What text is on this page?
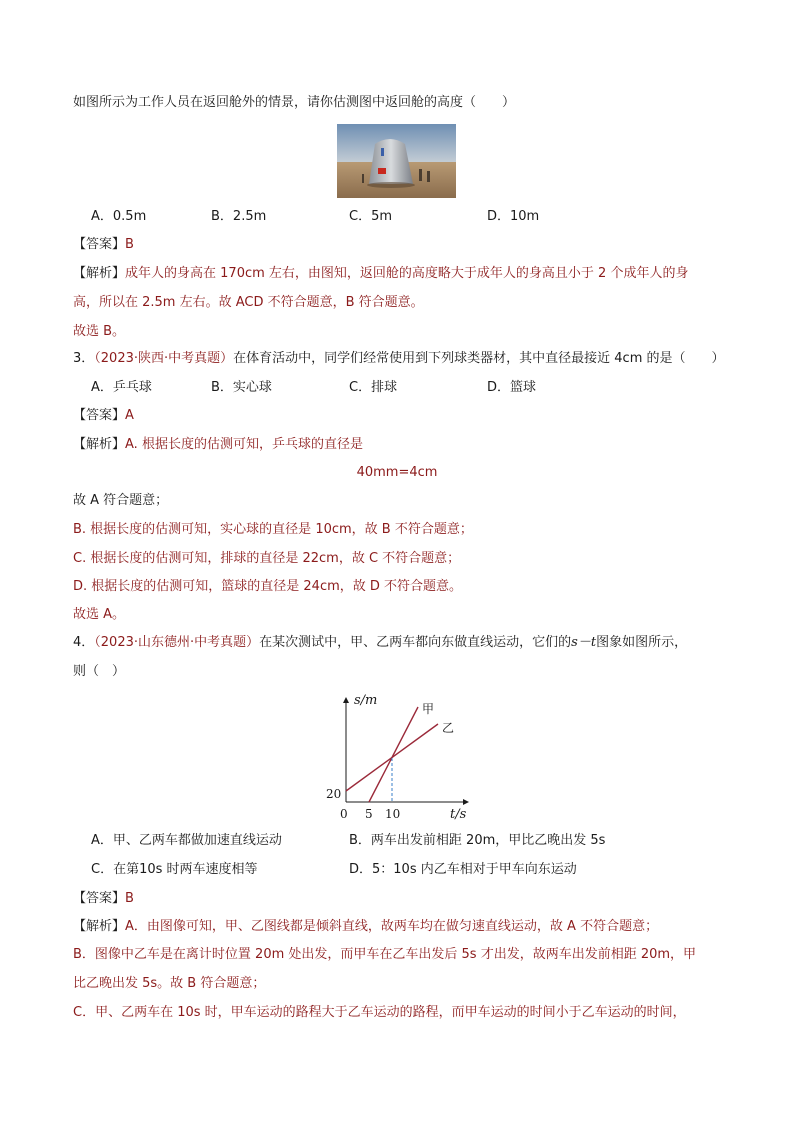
如图所示为工作人员在返回舱外的情景，请你估测图中返回舱的高度（　　）
A．0.5m	B．2.5m	C．5m	D．10m
【答案】B
【解析】成年人的身高在 170cm 左右，由图知，返回舱的高度略大于成年人的身高且小于 2 个成年人的身
高，所以在 2.5m 左右。故 ACD 不符合题意，B 符合题意。
故选 B。
3．（2023·陕西·中考真题）在体育活动中，同学们经常使用到下列球类器材，其中直径最接近 4cm 的是（　　）
A．乒乓球	B．实心球	C．排球	D．篮球
【答案】A
【解析】A. 根据长度的估测可知，乒乓球的直径是
40mm=4cm
故 A 符合题意；
B. 根据长度的估测可知，实心球的直径是 10cm，故 B 不符合题意；
C. 根据长度的估测可知，排球的直径是 22cm，故 C 不符合题意；
D. 根据长度的估测可知，篮球的直径是 24cm，故 D 不符合题意。
故选 A。
4．（2023·山东德州·中考真题）在某次测试中，甲、乙两车都向东做直线运动，它们的s－t图象如图所示，
则（　）
s/m
t/s
0 5 10
20
甲
乙
A．甲、乙两车都做加速直线运动	B．两车出发前相距 20m，甲比乙晚出发 5s
C．在第10s 时两车速度相等	D．5：10s 内乙车相对于甲车向东运动
【答案】B
【解析】A．由图像可知，甲、乙图线都是倾斜直线，故两车均在做匀速直线运动，故 A 不符合题意；
B．图像中乙车是在离计时位置 20m 处出发，而甲车在乙车出发后 5s 才出发，故两车出发前相距 20m，甲
比乙晚出发 5s。故 B 符合题意；
C．甲、乙两车在 10s 时，甲车运动的路程大于乙车运动的路程，而甲车运动的时间小于乙车运动的时间，
